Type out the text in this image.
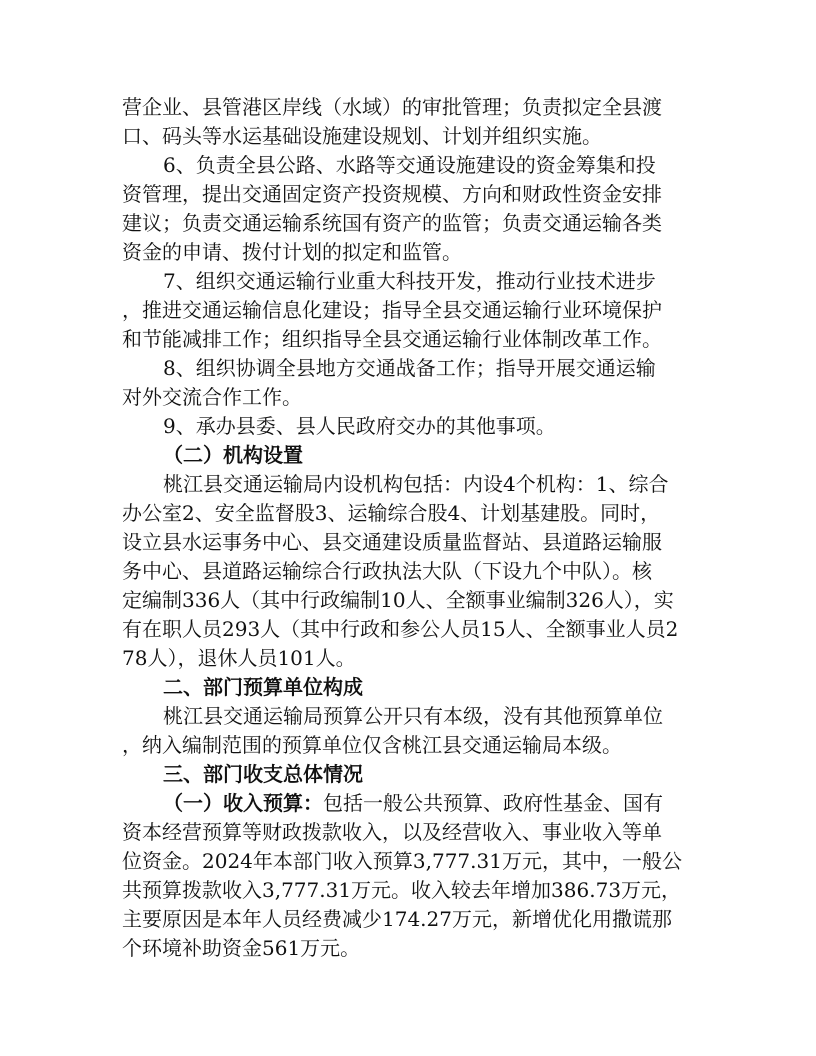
营企业、县管港区岸线（水域）的审批管理；负责拟定全县渡
口、码头等水运基础设施建设规划、计划并组织实施。
6、负责全县公路、水路等交通设施建设的资金筹集和投
资管理，提出交通固定资产投资规模、方向和财政性资金安排
建议；负责交通运输系统国有资产的监管；负责交通运输各类
资金的申请、拨付计划的拟定和监管。
7、组织交通运输行业重大科技开发，推动行业技术进步
，推进交通运输信息化建设；指导全县交通运输行业环境保护
和节能减排工作；组织指导全县交通运输行业体制改革工作。
8、组织协调全县地方交通战备工作；指导开展交通运输
对外交流合作工作。
9、承办县委、县人民政府交办的其他事项。
（二）机构设置
桃江县交通运输局内设机构包括：内设4个机构：1、综合
办公室2、安全监督股3、运输综合股4、计划基建股。同时，
设立县水运事务中心、县交通建设质量监督站、县道路运输服
务中心、县道路运输综合行政执法大队（下设九个中队）。核
定编制336人（其中行政编制10人、全额事业编制326人），实
有在职人员293人（其中行政和参公人员15人、全额事业人员2
78人），退休人员101人。
二、部门预算单位构成
桃江县交通运输局预算公开只有本级，没有其他预算单位
，纳入编制范围的预算单位仅含桃江县交通运输局本级。
三、部门收支总体情况
（一）收入预算：包括一般公共预算、政府性基金、国有
资本经营预算等财政拨款收入，以及经营收入、事业收入等单
位资金。2024年本部门收入预算3,777.31万元，其中，一般公
共预算拨款收入3,777.31万元。收入较去年增加386.73万元，
主要原因是本年人员经费减少174.27万元，新增优化用撒谎那
个环境补助资金561万元。
